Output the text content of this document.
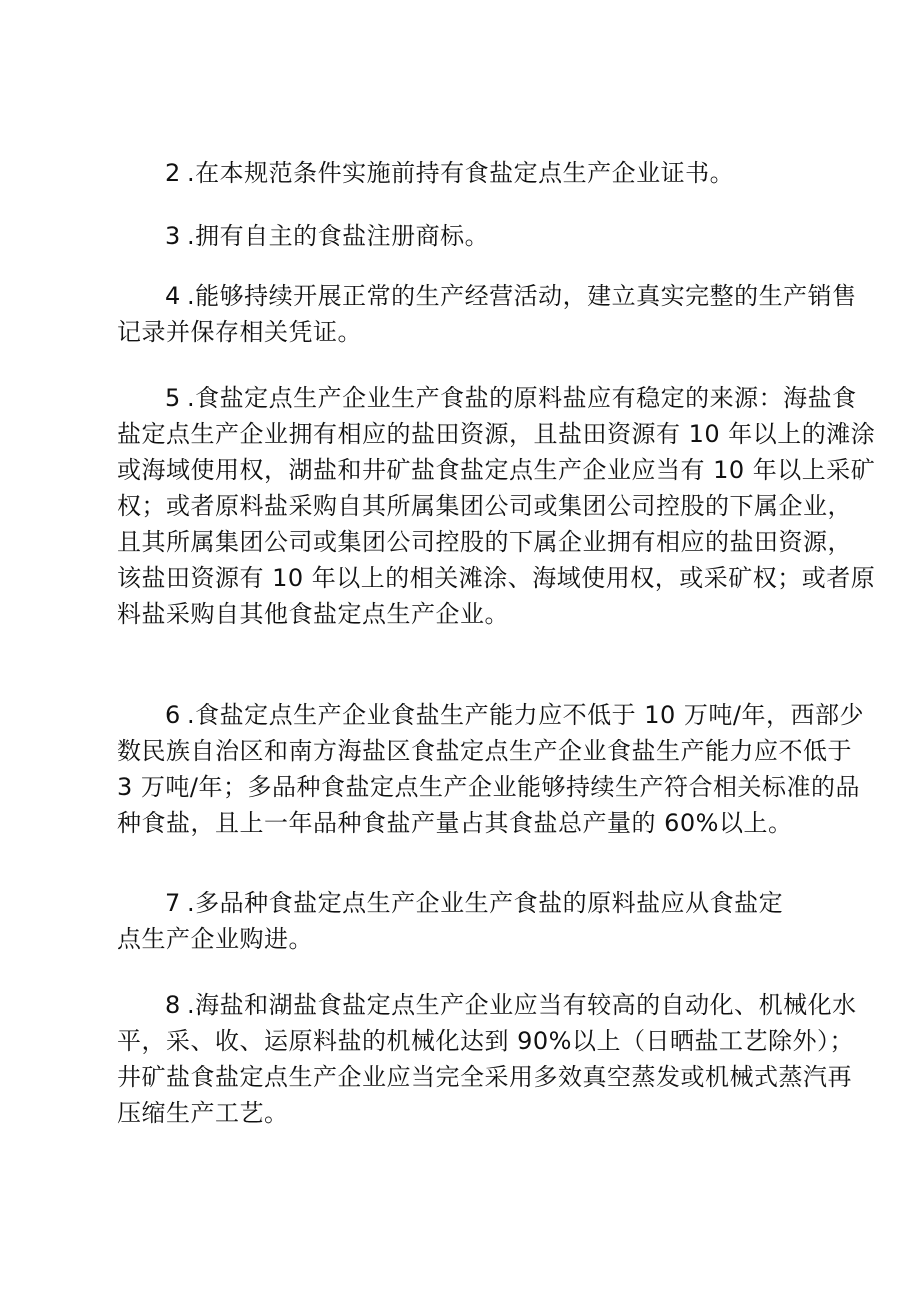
2 .在本规范条件实施前持有食盐定点生产企业证书。
3 .拥有自主的食盐注册商标。
4 .能够持续开展正常的生产经营活动，建立真实完整的生产销售
记录并保存相关凭证。
5 .食盐定点生产企业生产食盐的原料盐应有稳定的来源：海盐食
盐定点生产企业拥有相应的盐田资源，且盐田资源有 10 年以上的滩涂
或海域使用权，湖盐和井矿盐食盐定点生产企业应当有 10 年以上采矿
权；或者原料盐采购自其所属集团公司或集团公司控股的下属企业，
且其所属集团公司或集团公司控股的下属企业拥有相应的盐田资源，
该盐田资源有 10 年以上的相关滩涂、海域使用权，或采矿权；或者原
料盐采购自其他食盐定点生产企业。
6 .食盐定点生产企业食盐生产能力应不低于 10 万吨/年，西部少
数民族自治区和南方海盐区食盐定点生产企业食盐生产能力应不低于
3 万吨/年；多品种食盐定点生产企业能够持续生产符合相关标准的品
种食盐，且上一年品种食盐产量占其食盐总产量的 60%以上。
7 .多品种食盐定点生产企业生产食盐的原料盐应从食盐定
点生产企业购进。
8 .海盐和湖盐食盐定点生产企业应当有较高的自动化、机械化水
平，采、收、运原料盐的机械化达到 90%以上（日晒盐工艺除外）；
井矿盐食盐定点生产企业应当完全采用多效真空蒸发或机械式蒸汽再
压缩生产工艺。
